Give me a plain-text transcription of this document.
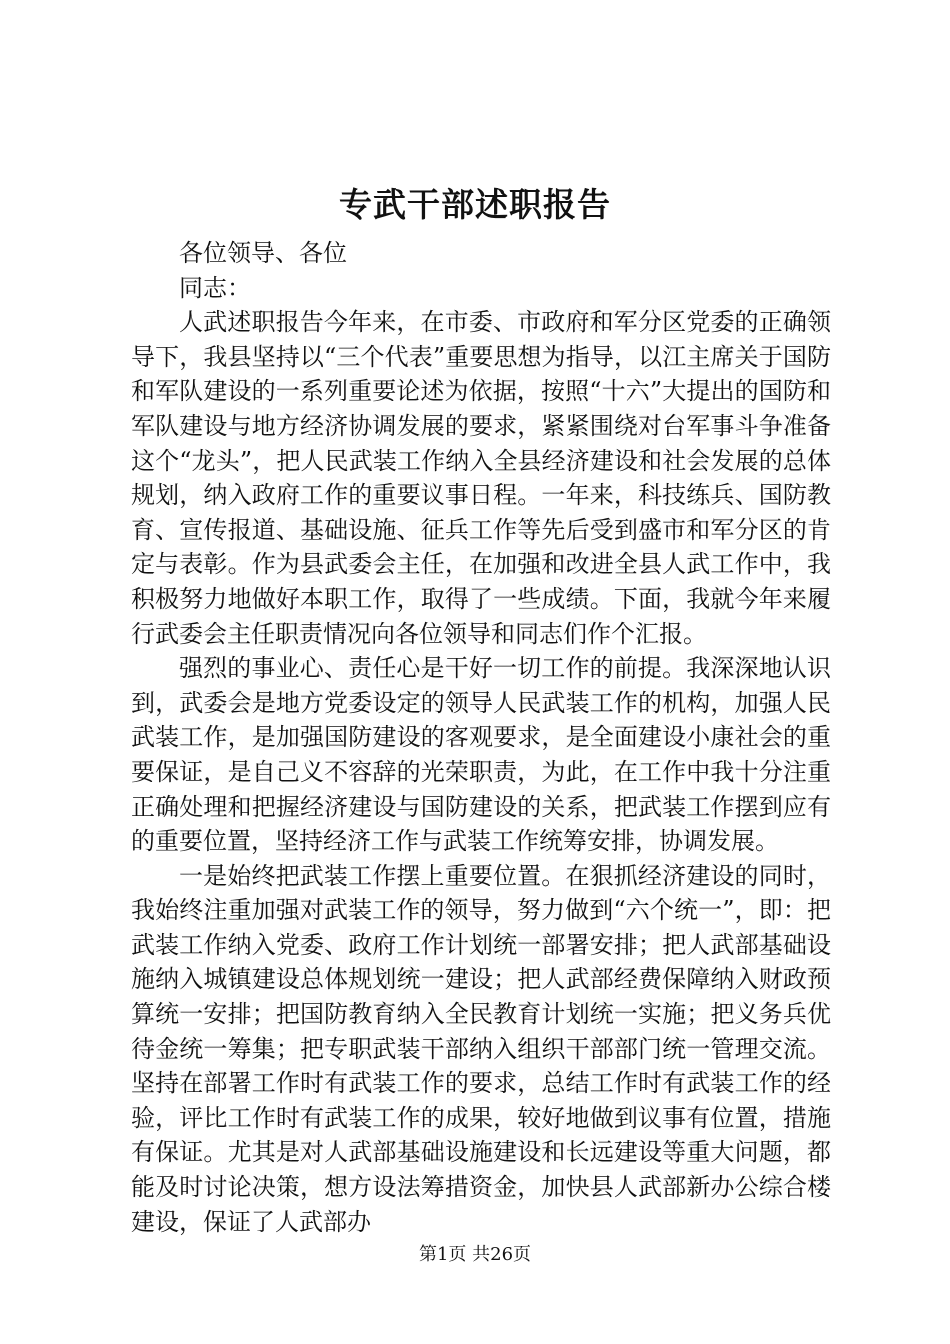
专武干部述职报告

各位领导、各位

同志：

人武述职报告今年来，在市委、市政府和军分区党委的正确领导下，我县坚持以“三个代表”重要思想为指导，以江主席关于国防和军队建设的一系列重要论述为依据，按照“十六”大提出的国防和军队建设与地方经济协调发展的要求，紧紧围绕对台军事斗争准备这个“龙头”，把人民武装工作纳入全县经济建设和社会发展的总体规划，纳入政府工作的重要议事日程。一年来，科技练兵、国防教育、宣传报道、基础设施、征兵工作等先后受到盛市和军分区的肯定与表彰。作为县武委会主任，在加强和改进全县人武工作中，我积极努力地做好本职工作，取得了一些成绩。下面，我就今年来履行武委会主任职责情况向各位领导和同志们作个汇报。

强烈的事业心、责任心是干好一切工作的前提。我深深地认识到，武委会是地方党委设定的领导人民武装工作的机构，加强人民武装工作，是加强国防建设的客观要求，是全面建设小康社会的重要保证，是自己义不容辞的光荣职责，为此，在工作中我十分注重正确处理和把握经济建设与国防建设的关系，把武装工作摆到应有的重要位置，坚持经济工作与武装工作统筹安排，协调发展。

一是始终把武装工作摆上重要位置。在狠抓经济建设的同时，我始终注重加强对武装工作的领导，努力做到“六个统一”，即：把武装工作纳入党委、政府工作计划统一部署安排；把人武部基础设施纳入城镇建设总体规划统一建设；把人武部经费保障纳入财政预算统一安排；把国防教育纳入全民教育计划统一实施；把义务兵优待金统一筹集；把专职武装干部纳入组织干部部门统一管理交流。坚持在部署工作时有武装工作的要求，总结工作时有武装工作的经验，评比工作时有武装工作的成果，较好地做到议事有位置，措施有保证。尤其是对人武部基础设施建设和长远建设等重大问题，都能及时讨论决策，想方设法筹措资金，加快县人武部新办公综合楼建设，保证了人武部办

第1页 共26页
